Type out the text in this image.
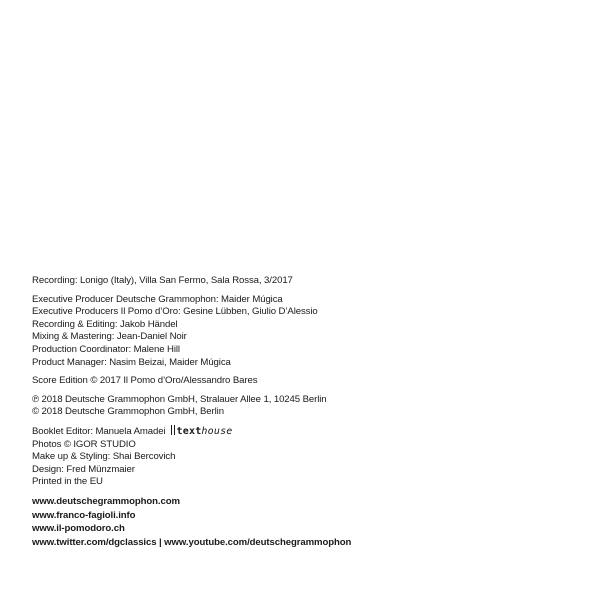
Recording: Lonigo (Italy), Villa San Fermo, Sala Rossa, 3/2017
Executive Producer Deutsche Grammophon: Maider Múgica
Executive Producers Il Pomo d’Oro: Gesine Lübben, Giulio D’Alessio
Recording & Editing: Jakob Händel
Mixing & Mastering: Jean-Daniel Noir
Production Coordinator: Malene Hill
Product Manager: Nasim Beizai, Maider Múgica
Score Edition © 2017 Il Pomo d’Oro/Alessandro Bares
℗ 2018 Deutsche Grammophon GmbH, Stralauer Allee 1, 10245 Berlin
© 2018 Deutsche Grammophon GmbH, Berlin
Booklet Editor: Manuela Amadei texthouse
Photos © IGOR STUDIO
Make up & Styling: Shai Bercovich
Design: Fred Münzmaier
Printed in the EU
www.deutschegrammophon.com
www.franco-fagioli.info
www.il-pomodoro.ch
www.twitter.com/dgclassics | www.youtube.com/deutschegrammophon
